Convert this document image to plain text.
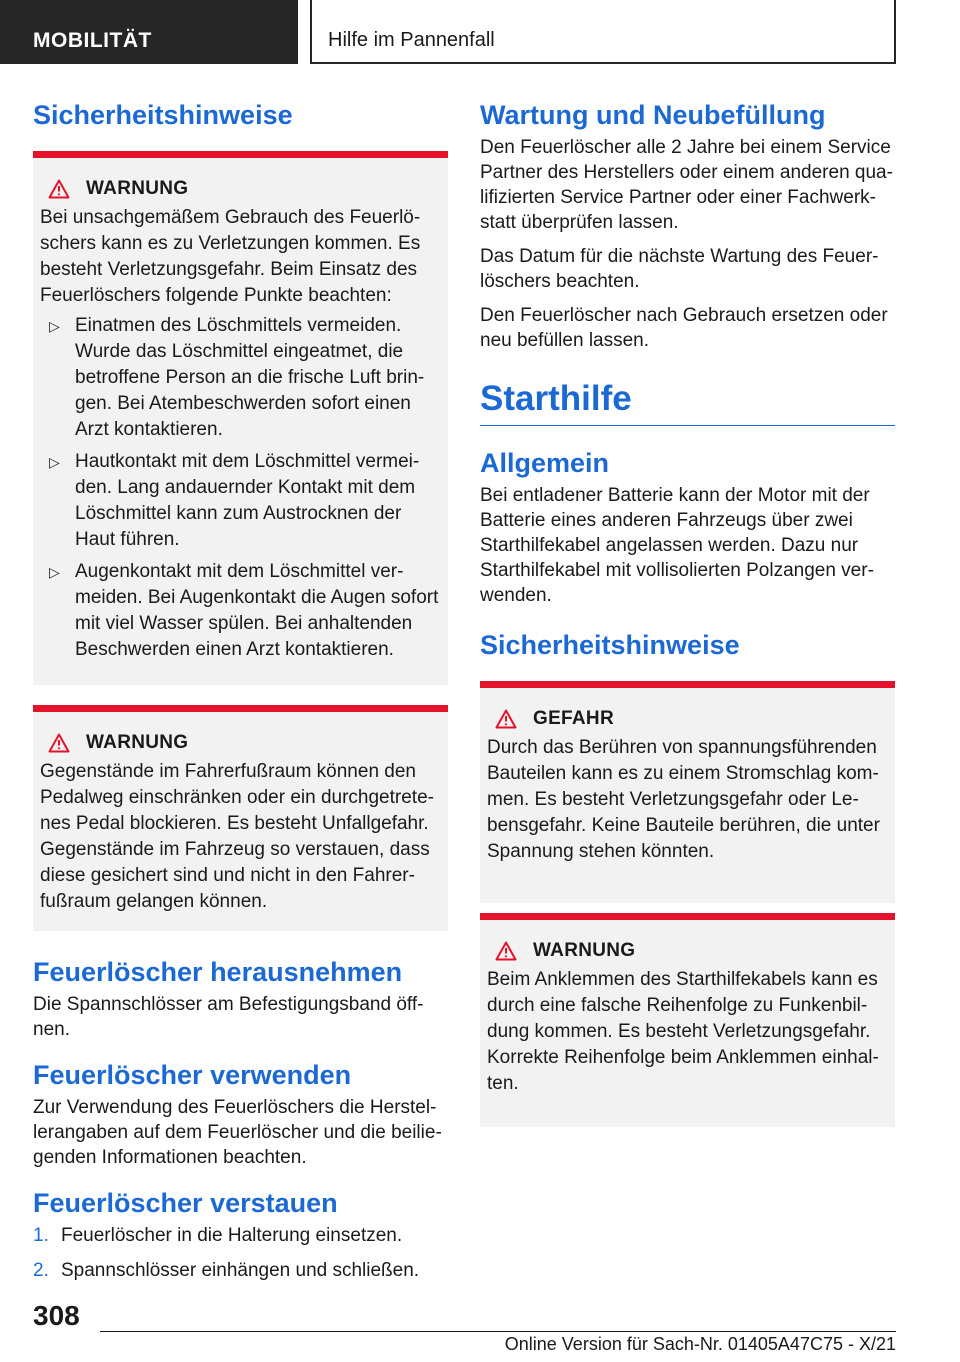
MOBILITÄT	Hilfe im Pannenfall
Sicherheitshinweise
WARNUNG

Bei unsachgemäßem Gebrauch des Feuerlöschers kann es zu Verletzungen kommen. Es besteht Verletzungsgefahr. Beim Einsatz des Feuerlöschers folgende Punkte beachten:

▷ Einatmen des Löschmittels vermeiden. Wurde das Löschmittel eingeatmet, die betroffene Person an die frische Luft bringen. Bei Atembeschwerden sofort einen Arzt kontaktieren.
▷ Hautkontakt mit dem Löschmittel vermeiden. Lang andauernder Kontakt mit dem Löschmittel kann zum Austrocknen der Haut führen.
▷ Augenkontakt mit dem Löschmittel vermeiden. Bei Augenkontakt die Augen sofort mit viel Wasser spülen. Bei anhaltenden Beschwerden einen Arzt kontaktieren.
WARNUNG

Gegenstände im Fahrerfußraum können den Pedalweg einschränken oder ein durchgetretenes Pedal blockieren. Es besteht Unfallgefahr. Gegenstände im Fahrzeug so verstauen, dass diese gesichert sind und nicht in den Fahrerfußraum gelangen können.

Feuerlöscher herausnehmen

Die Spannschlösser am Befestigungsband öffnen.

Feuerlöscher verwenden

Zur Verwendung des Feuerlöschers die Herstellerangaben auf dem Feuerlöscher und die beiliegenden Informationen beachten.

Feuerlöscher verstauen
1. Feuerlöscher in die Halterung einsetzen.
2. Spannschlösser einhängen und schließen.
Wartung und Neubefüllung

Den Feuerlöscher alle 2 Jahre bei einem Service Partner des Herstellers oder einem anderen qualifizierten Service Partner oder einer Fachwerkstatt überprüfen lassen.

Das Datum für die nächste Wartung des Feuerlöschers beachten.

Den Feuerlöscher nach Gebrauch ersetzen oder neu befüllen lassen.

Starthilfe
Allgemein

Bei entladener Batterie kann der Motor mit der Batterie eines anderen Fahrzeugs über zwei Starthilfekabel angelassen werden. Dazu nur Starthilfekabel mit vollisolierten Polzangen verwenden.

Sicherheitshinweise
GEFAHR

Durch das Berühren von spannungsführenden Bauteilen kann es zu einem Stromschlag kommen. Es besteht Verletzungsgefahr oder Lebensgefahr. Keine Bauteile berühren, die unter Spannung stehen könnten.

WARNUNG

Beim Anklemmen des Starthilfekabels kann es durch eine falsche Reihenfolge zu Funkenbildung kommen. Es besteht Verletzungsgefahr. Korrekte Reihenfolge beim Anklemmen einhalten.

308
Online Version für Sach-Nr. 01405A47C75 - X/21
